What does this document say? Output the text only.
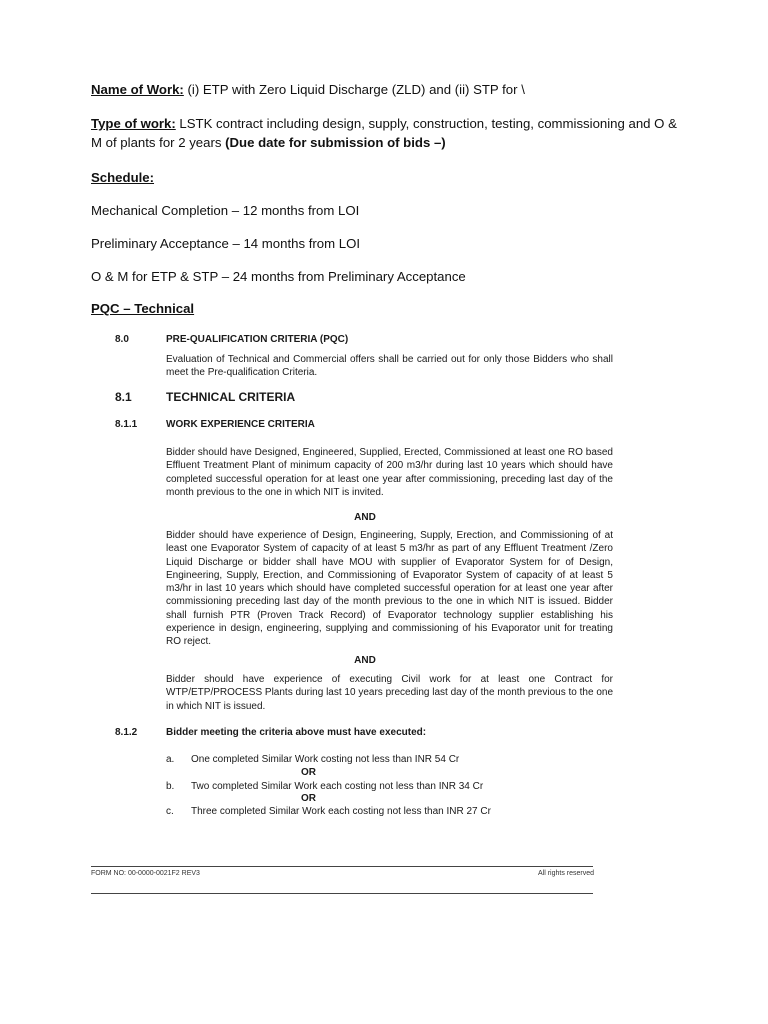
Name of Work: (i) ETP with Zero Liquid Discharge (ZLD) and (ii) STP for \

Type of work: LSTK contract including design, supply, construction, testing, commissioning and O & M of plants for 2 years (Due date for submission of bids –)

Schedule:
Mechanical Completion – 12 months from LOI
Preliminary Acceptance – 14 months from LOI
O & M for ETP & STP – 24 months from Preliminary Acceptance
PQC – Technical
8.0	PRE-QUALIFICATION CRITERIA (PQC)
Evaluation of Technical and Commercial offers shall be carried out for only those Bidders who shall meet the Pre-qualification Criteria.
8.1	TECHNICAL CRITERIA
8.1.1	WORK EXPERIENCE CRITERIA
Bidder should have Designed, Engineered, Supplied, Erected, Commissioned at least one RO based Effluent Treatment Plant of minimum capacity of 200 m3/hr during last 10 years which should have completed successful operation for at least one year after commissioning, preceding last day of the month previous to the one in which NIT is invited.
AND
Bidder should have experience of Design, Engineering, Supply, Erection, and Commissioning of at least one Evaporator System of capacity of at least 5 m3/hr as part of any Effluent Treatment /Zero Liquid Discharge or bidder shall have MOU with supplier of Evaporator System for of Design, Engineering, Supply, Erection, and Commissioning of Evaporator System of capacity of at least 5 m3/hr in last 10 years which should have completed successful operation for at least one year after commissioning preceding last day of the month previous to the one in which NIT is issued. Bidder shall furnish PTR (Proven Track Record) of Evaporator technology supplier establishing his experience in design, engineering, supplying and commissioning of his Evaporator unit for treating RO reject.
AND
Bidder should have experience of executing Civil work for at least one Contract for WTP/ETP/PROCESS Plants during last 10 years preceding last day of the month previous to the one in which NIT is issued.
8.1.2	Bidder meeting the criteria above must have executed:
a. One completed Similar Work costing not less than INR 54 Cr
OR
b. Two completed Similar Work each costing not less than INR 34 Cr
OR
c. Three completed Similar Work each costing not less than INR 27 Cr
FORM NO: 00-0000-0021F2 REV3	All rights reserved
